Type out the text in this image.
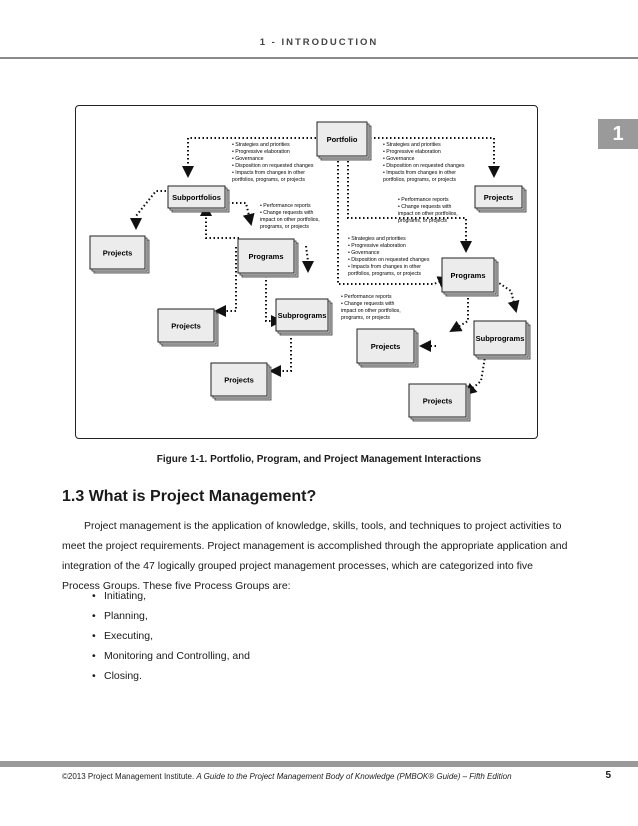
1 - INTRODUCTION
1
Portfolio
Subportfolios	Projects
Projects	Programs
Programs
Subprograms
Subprograms
Projects
Projects
Projects
Projects
• Strategies and priorities
• Progressive elaboration
• Governance
• Disposition on requested changes
• Impacts from changes in other
portfolios, programs, or projects
• Strategies and priorities
• Progressive elaboration
• Governance
• Disposition on requested changes
• Impacts from changes in other
portfolios, programs, or projects
• Performance reports
• Change requests with
impact on other portfolios,
programs, or projects
• Performance reports
• Change requests with
impact on other portfolios,
programs, or projects
• Strategies and priorities
• Progressive elaboration
• Governance
• Disposition on requested changes
• Impacts from changes in other
portfolios, programs, or projects
• Performance reports
• Change requests with
impact on other portfolios,
programs, or projects
Figure 1-1. Portfolio, Program, and Project Management Interactions
1.3 What is Project Management?
Project management is the application of knowledge, skills, tools, and techniques to project activities to meet the project requirements. Project management is accomplished through the appropriate application and integration of the 47 logically grouped project management processes, which are categorized into five Process Groups. These five Process Groups are:
• Initiating,
• Planning,
• Executing,
• Monitoring and Controlling, and
• Closing.
©2013 Project Management Institute. A Guide to the Project Management Body of Knowledge (PMBOK® Guide) – Fifth Edition	5
